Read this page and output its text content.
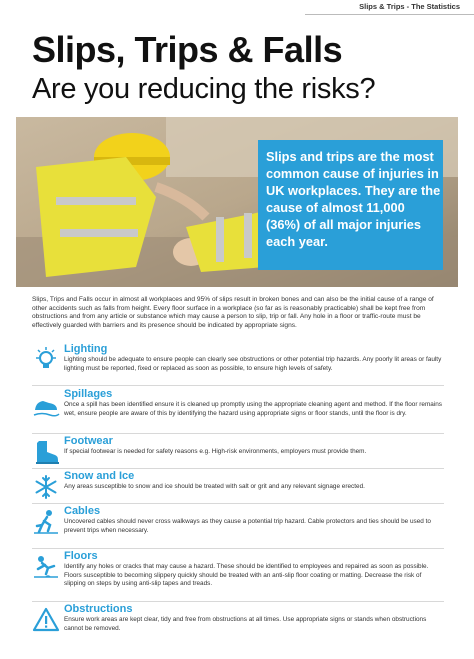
Slips & Trips - The Statistics
Slips, Trips & Falls
Are you reducing the risks?
Slips and trips are the most common cause of injuries in UK workplaces. They are the cause of almost 11,000 (36%) of all major injuries each year.
Slips, Trips and Falls occur in almost all workplaces and 95% of slips result in broken bones and can also be the initial cause of a range of other accidents such as falls from height. Every floor surface in a workplace (so far as is reasonably practicable) shall be kept free from obstructions and from any article or substance which may cause a person to slip, trip or fall. Any hole in a floor or traffic-route must be effectively guarded with barriers and its presence should be indicated by appropriate signs.
Lighting
Lighting should be adequate to ensure people can clearly see obstructions or other potential trip hazards. Any poorly lit areas or faulty lighting must be reported, fixed or replaced as soon as possible, to ensure high levels of safety.
Spillages
Once a spill has been identified ensure it is cleaned up promptly using the appropriate cleaning agent and method. If the floor remains wet, ensure people are aware of this by identifying the hazard using appropriate signs or floor stands, until the floor is dry.
Footwear
If special footwear is needed for safety reasons e.g. High-risk environments, employers must provide them.
Snow and Ice
Any areas susceptible to snow and ice should be treated with salt or grit and any relevant signage erected.
Cables
Uncovered cables should never cross walkways as they cause a potential trip hazard. Cable protectors and ties should be used to prevent trips when necessary.
Floors
Identify any holes or cracks that may cause a hazard. These should be identified to employees and repaired as soon as possible. Floors susceptible to becoming slippery quickly should be treated with an anti-slip floor coating or matting. Decrease the risk of slipping on steps by using anti-slip tapes and treads.
Obstructions
Ensure work areas are kept clear, tidy and free from obstructions at all times. Use appropriate signs or stands when obstructions cannot be removed.
